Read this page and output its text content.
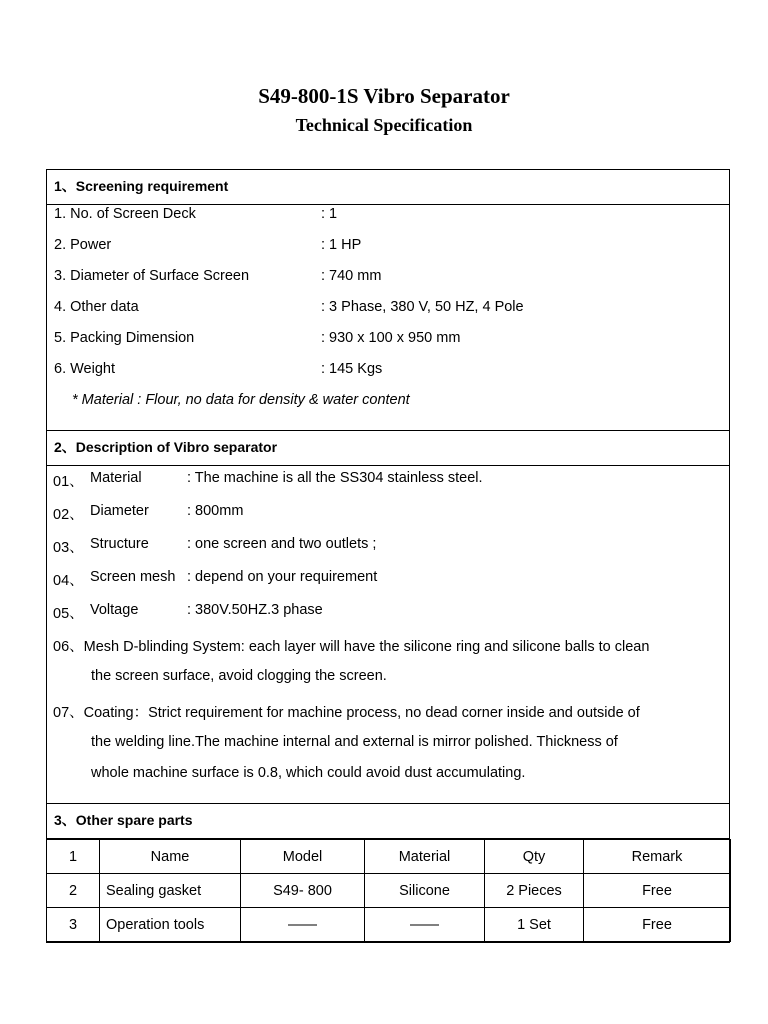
S49-800-1S Vibro Separator
Technical Specification
1、Screening requirement
1. No. of Screen Deck	: 1
2. Power	: 1 HP
3. Diameter of Surface Screen	: 740 mm
4. Other data	: 3 Phase, 380 V, 50 HZ, 4 Pole
5. Packing Dimension	: 930 x 100 x 950 mm
6. Weight	: 145 Kgs
* Material : Flour, no data for density & water content
2、Description of Vibro separator
01、 Material	: The machine is all the SS304 stainless steel.
02、 Diameter	: 800mm
03、 Structure	: one screen and two outlets ;
04、 Screen mesh : depend on your requirement
05、 Voltage	: 380V.50HZ.3 phase
06、Mesh D-blinding System: each layer will have the silicone ring and silicone balls to clean
the screen surface, avoid clogging the screen.
07、Coating：Strict requirement for machine process, no dead corner inside and outside of
the welding line.The machine internal and external is mirror polished. Thickness of
whole machine surface is 0.8, which could avoid dust accumulating.
3、Other spare parts
1	Name	Model	Material	Qty	Remark
2	Sealing gasket	S49- 800	Silicone	2 Pieces	Free
3	Operation tools	——	——	1 Set	Free
